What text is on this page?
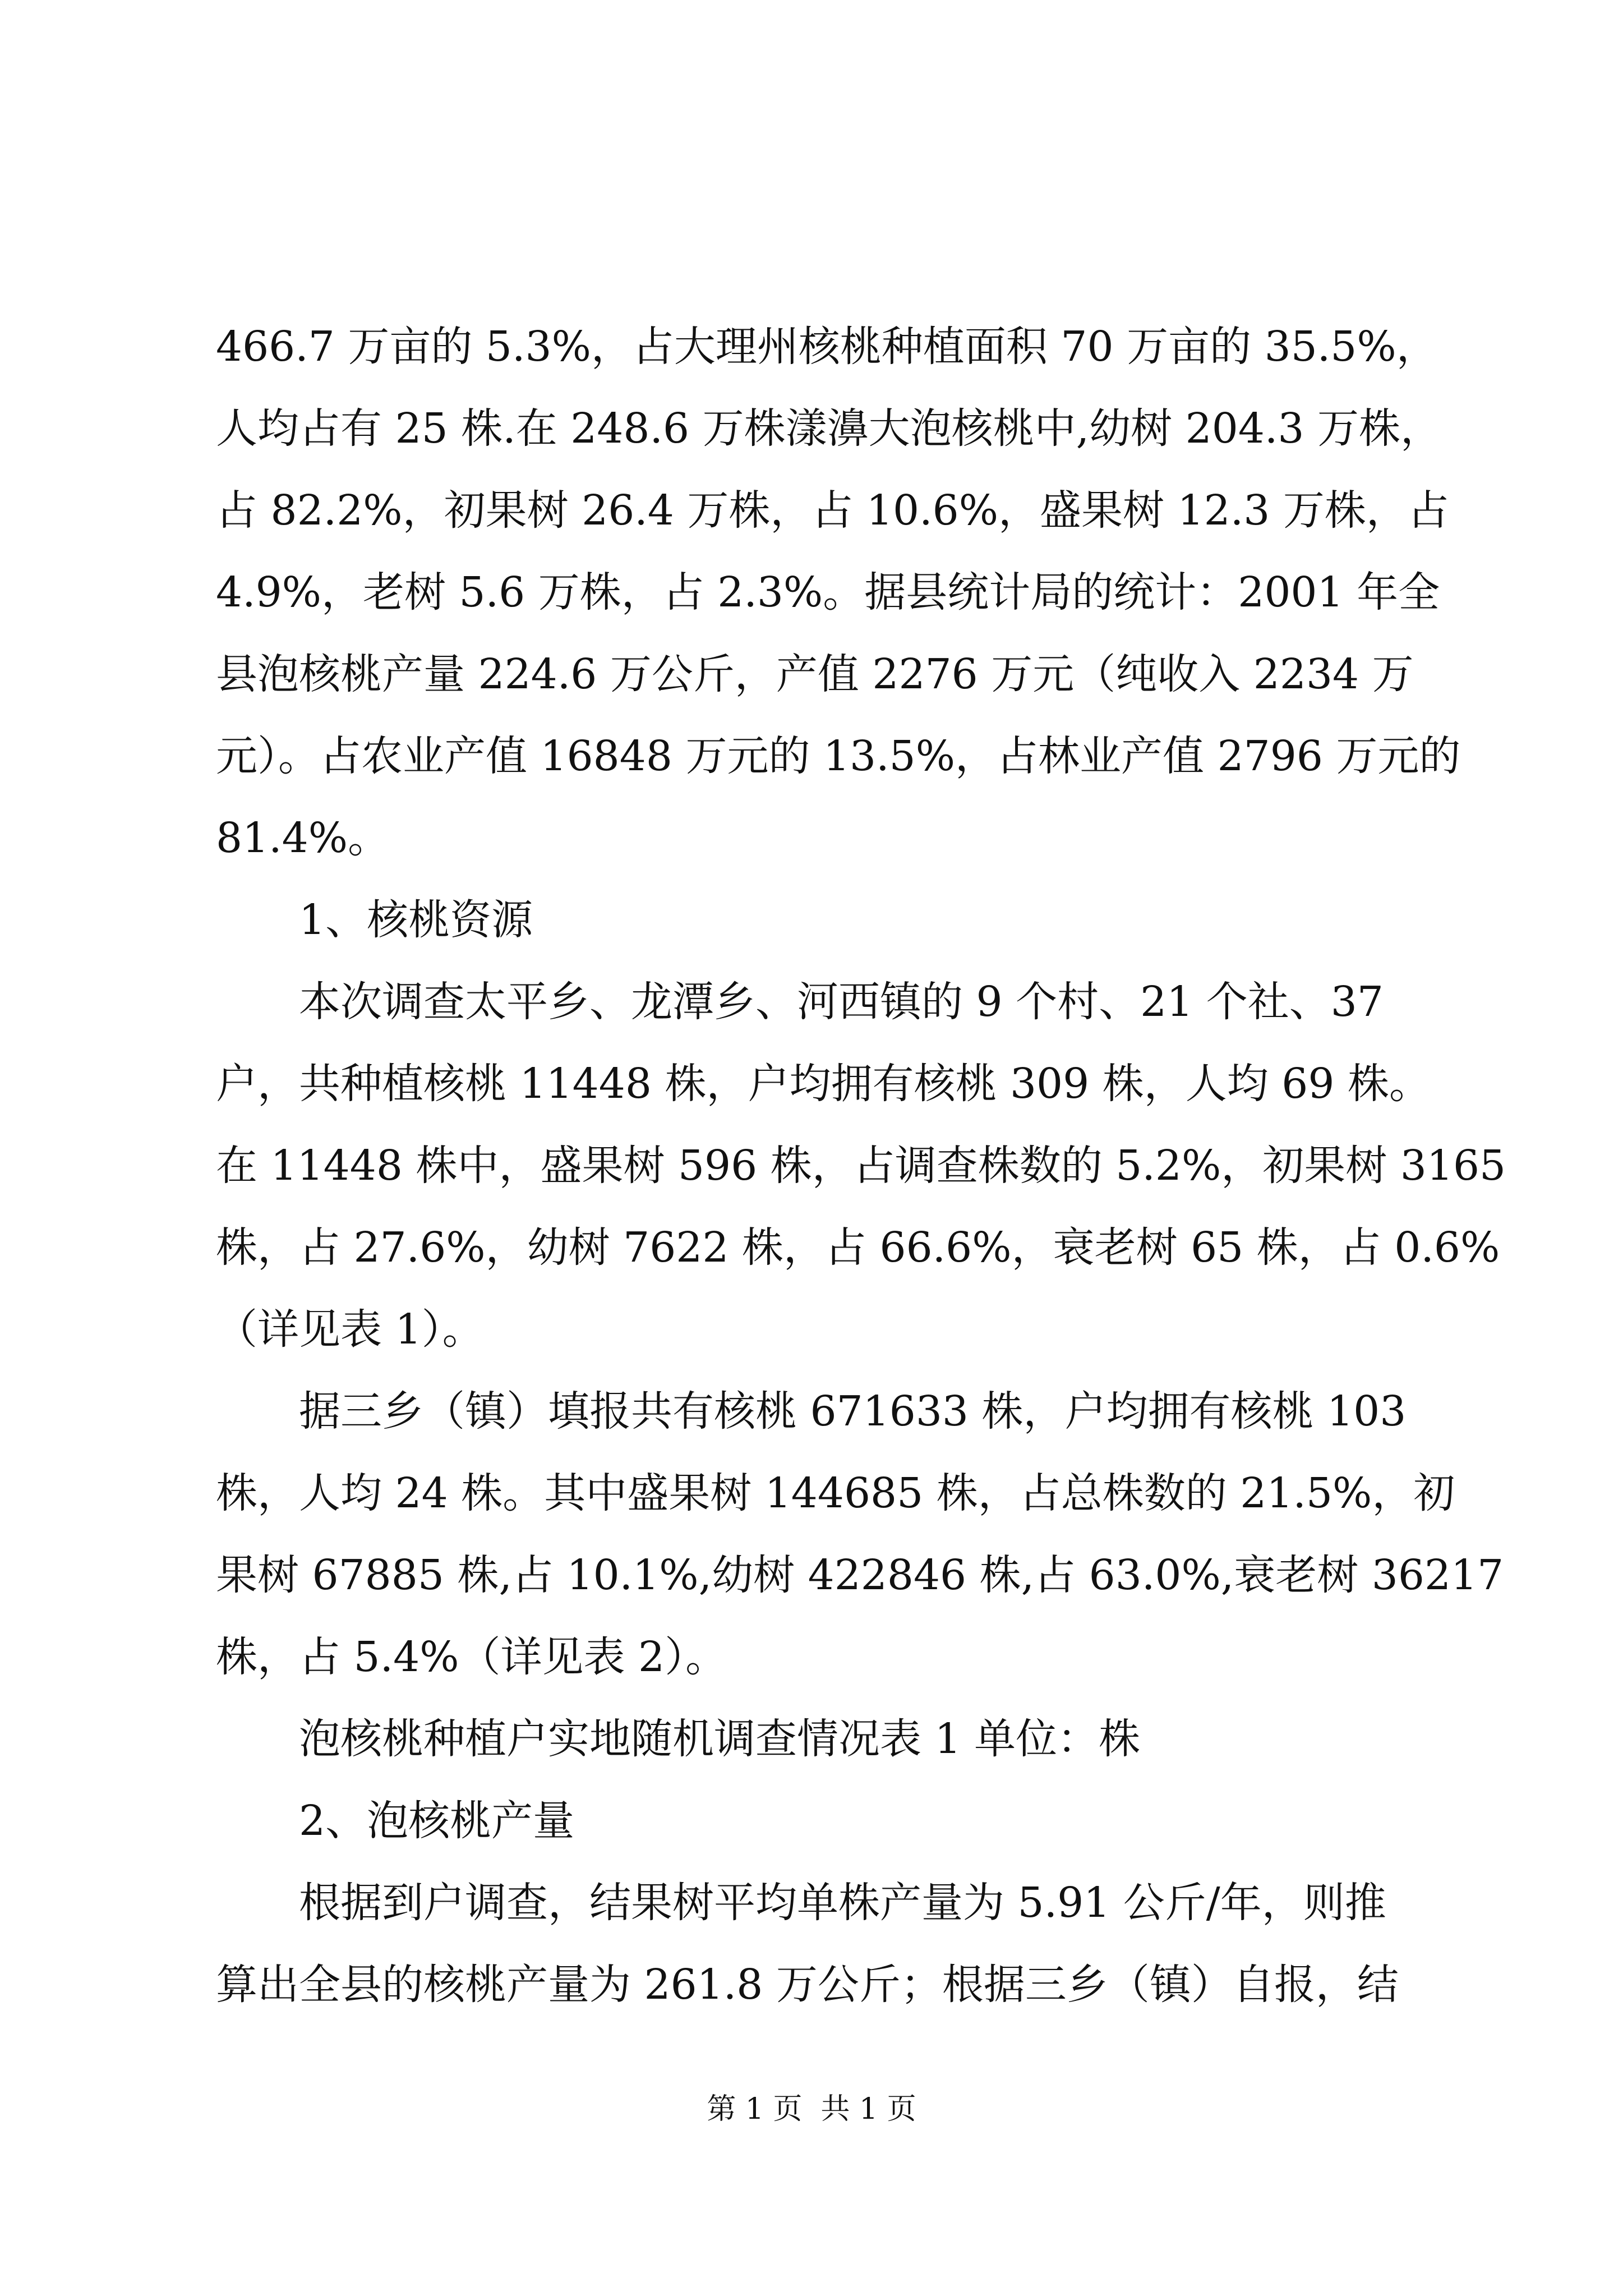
466.7 万亩的 5.3%，占大理州核桃种植面积 70 万亩的 35.5%，
人均占有 25 株.在 248.6 万株漾濞大泡核桃中,幼树 204.3 万株，
占 82.2%，初果树 26.4 万株，占 10.6%，盛果树 12.3 万株，占
4.9%，老树 5.6 万株，占 2.3%。据县统计局的统计：2001 年全
县泡核桃产量 224.6 万公斤，产值 2276 万元（纯收入 2234 万
元）。占农业产值 16848 万元的 13.5%，占林业产值 2796 万元的
81.4%。
1、核桃资源
本次调查太平乡、龙潭乡、河西镇的 9 个村、21 个社、37
户，共种植核桃 11448 株，户均拥有核桃 309 株，人均 69 株。
在 11448 株中，盛果树 596 株，占调查株数的 5.2%，初果树 3165
株，占 27.6%，幼树 7622 株，占 66.6%，衰老树 65 株，占 0.6%
（详见表 1）。
据三乡（镇）填报共有核桃 671633 株，户均拥有核桃 103
株，人均 24 株。其中盛果树 144685 株，占总株数的 21.5%，初
果树 67885 株,占 10.1%,幼树 422846 株,占 63.0%,衰老树 36217
株，占 5.4%（详见表 2）。
泡核桃种植户实地随机调查情况表 1 单位：株
2、泡核桃产量
根据到户调查，结果树平均单株产量为 5.91 公斤/年，则推
算出全县的核桃产量为 261.8 万公斤；根据三乡（镇）自报，结
第 1 页  共 1 页
